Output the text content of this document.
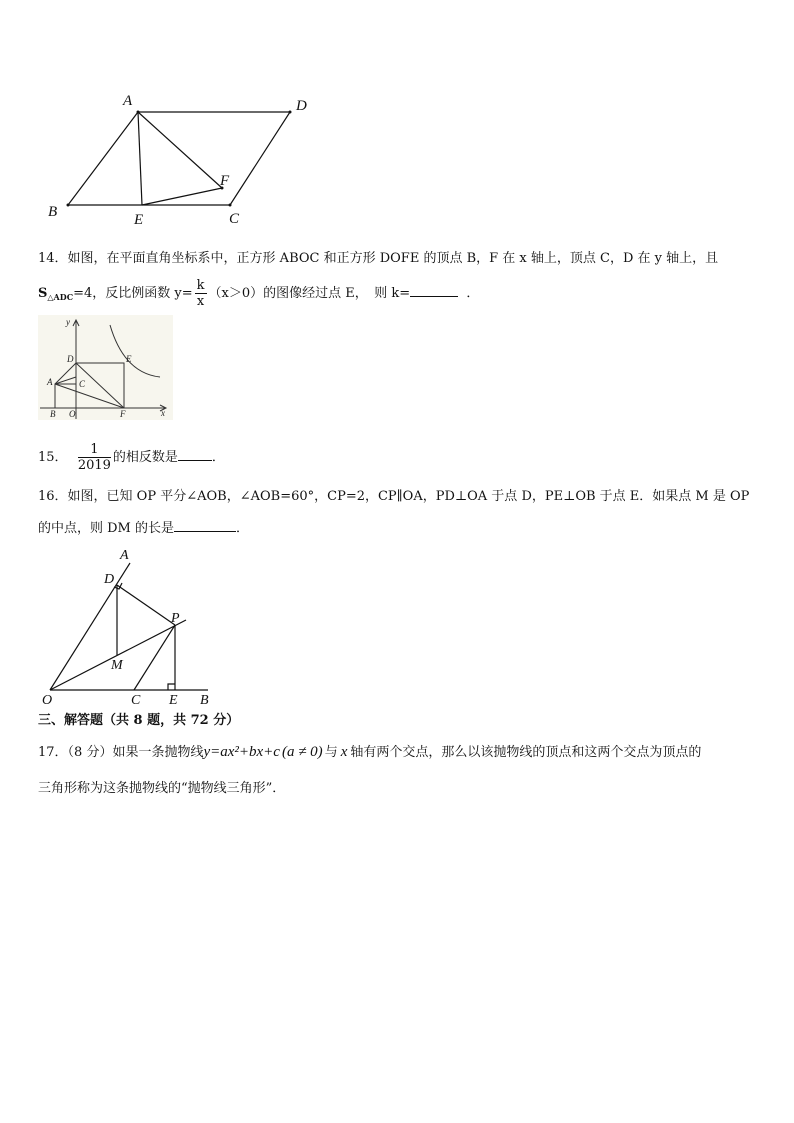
A	D
B	E	C
F
14．如图，在平面直角坐标系中，正方形 ABOC 和正方形 DOFE 的顶点 B，F 在 x 轴上，顶点 C，D 在 y 轴上，且
$S_{\triangle ADC}=4$，反比例函数 $y= \frac{k}{x} (x>0)$的图像经过点 E，　则 k=	．
y
x
D	E
A	C
B O	F
15． $\frac{1}{2019}$ 的相反数是	．
16．如图，已知 OP 平分∠AOB，∠AOB=60°，CP=2，CP∥OA，PD⊥OA 于点 D，PE⊥OB 于点 E．如果点 M 是 OP
的中点，则 DM 的长是	．
A
D
P
M
O	C E B
三、解答题（共 8 题，共 72 分）
17．（8 分）如果一条抛物线y=ax²+bx+c (a ≠ 0) 与 x 轴有两个交点，那么以该抛物线的顶点和这两个交点为顶点的
三角形称为这条抛物线的“抛物线三角形”．
